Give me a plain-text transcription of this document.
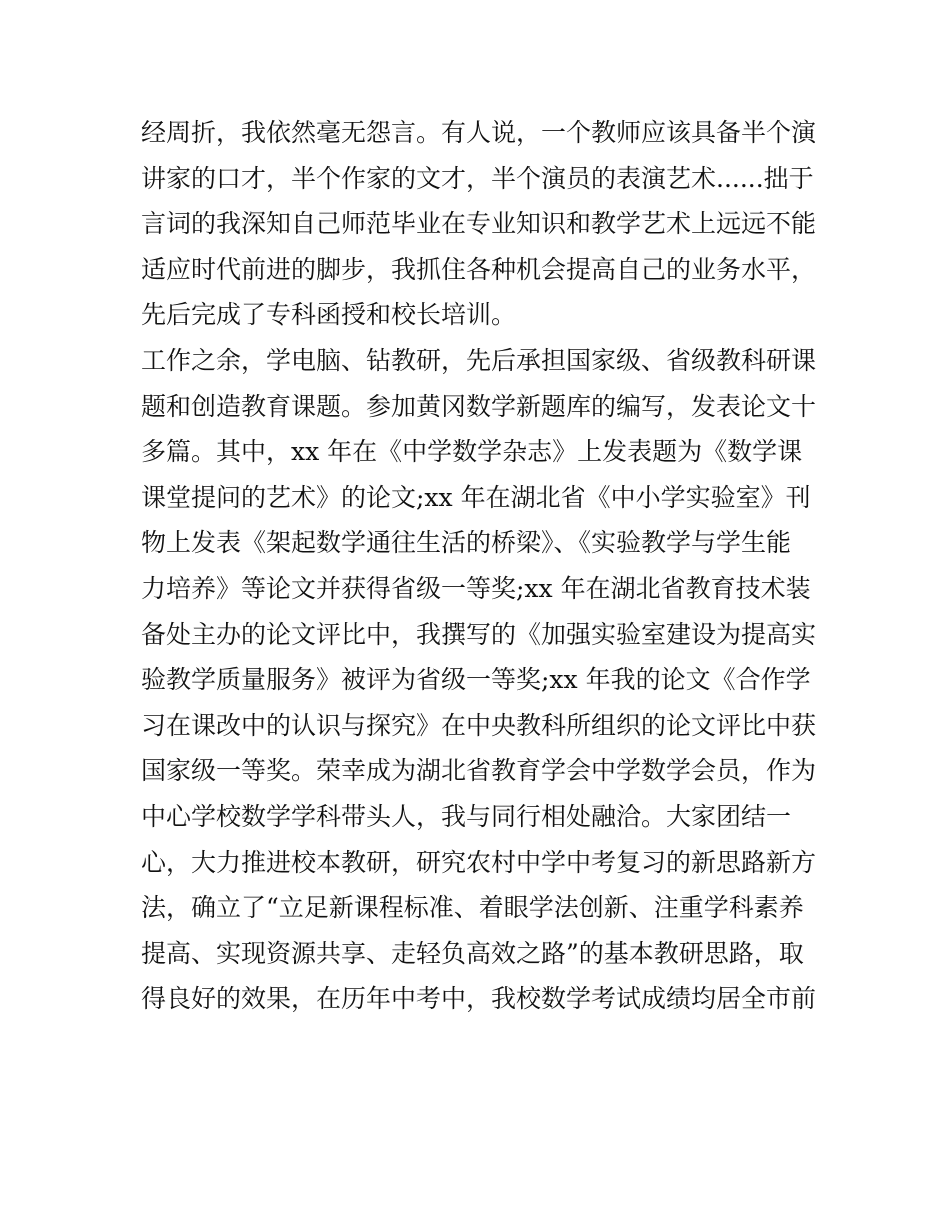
经周折，我依然毫无怨言。有人说，一个教师应该具备半个演
讲家的口才，半个作家的文才，半个演员的表演艺术......拙于
言词的我深知自己师范毕业在专业知识和教学艺术上远远不能
适应时代前进的脚步，我抓住各种机会提高自己的业务水平，
先后完成了专科函授和校长培训。
工作之余，学电脑、钻教研，先后承担国家级、省级教科研课
题和创造教育课题。参加黄冈数学新题库的编写，发表论文十
多篇。其中，xx 年在《中学数学杂志》上发表题为《数学课
课堂提问的艺术》的论文;xx 年在湖北省《中小学实验室》刊
物上发表《架起数学通往生活的桥梁》、《实验教学与学生能
力培养》等论文并获得省级一等奖;xx 年在湖北省教育技术装
备处主办的论文评比中，我撰写的《加强实验室建设为提高实
验教学质量服务》被评为省级一等奖;xx 年我的论文《合作学
习在课改中的认识与探究》在中央教科所组织的论文评比中获
国家级一等奖。荣幸成为湖北省教育学会中学数学会员，作为
中心学校数学学科带头人，我与同行相处融洽。大家团结一
心，大力推进校本教研，研究农村中学中考复习的新思路新方
法，确立了“立足新课程标准、着眼学法创新、注重学科素养
提高、实现资源共享、走轻负高效之路”的基本教研思路，取
得良好的效果，在历年中考中，我校数学考试成绩均居全市前
